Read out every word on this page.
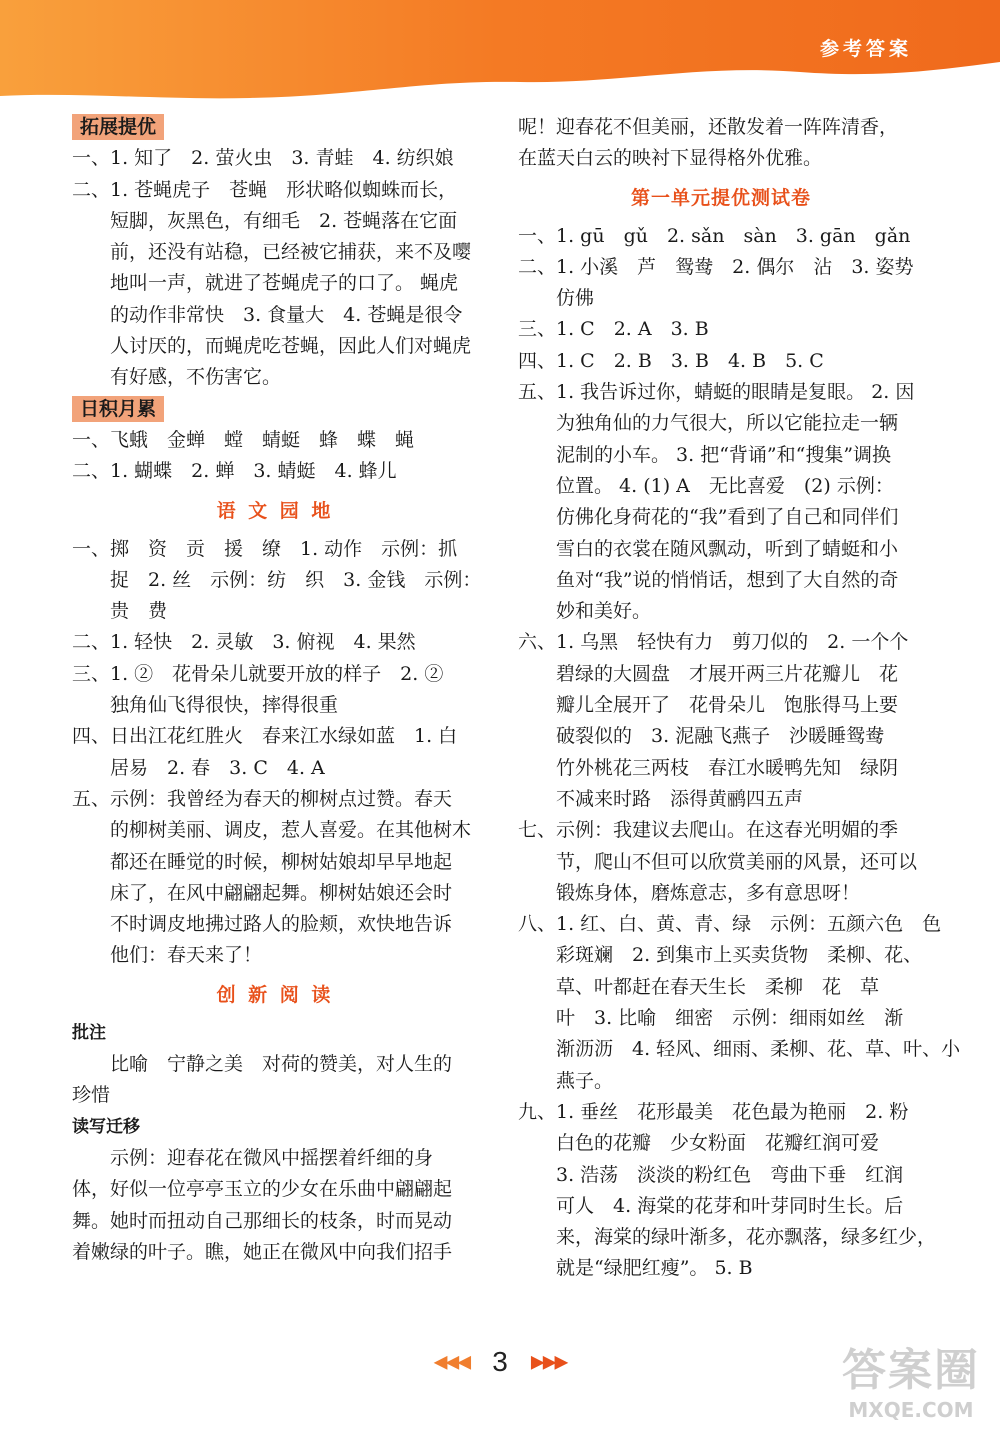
参考答案
拓展提优
一、1. 知了　2. 萤火虫　3. 青蛙　4. 纺织娘
二、1. 苍蝇虎子　苍蝇　形状略似蜘蛛而长，
短脚，灰黑色，有细毛　2. 苍蝇落在它面
前，还没有站稳，已经被它捕获，来不及嘤
地叫一声，就进了苍蝇虎子的口了。 蝇虎
的动作非常快　3. 食量大　4. 苍蝇是很令
人讨厌的，而蝇虎吃苍蝇，因此人们对蝇虎
有好感，不伤害它。
日积月累
一、飞蛾　金蝉　螳　蜻蜓　蜂　蝶　蝇
二、1. 蝴蝶　2. 蝉　3. 蜻蜓　4. 蜂儿
语 文 园 地
一、掷　资　贡　援　缭　1. 动作　示例：抓
捉　2. 丝　示例：纺　织　3. 金钱　示例：
贵　费
二、1. 轻快　2. 灵敏　3. 俯视　4. 果然
三、1. ②　花骨朵儿就要开放的样子　2. ②
独角仙飞得很快，摔得很重
四、日出江花红胜火　春来江水绿如蓝　1. 白
居易　2. 春　3. C　4. A
五、示例：我曾经为春天的柳树点过赞。春天
的柳树美丽、调皮，惹人喜爱。在其他树木
都还在睡觉的时候，柳树姑娘却早早地起
床了，在风中翩翩起舞。柳树姑娘还会时
不时调皮地拂过路人的脸颊，欢快地告诉
他们：春天来了！
创 新 阅 读
批注
比喻　宁静之美　对荷的赞美，对人生的
珍惜
读写迁移
示例：迎春花在微风中摇摆着纤细的身
体，好似一位亭亭玉立的少女在乐曲中翩翩起
舞。她时而扭动自己那细长的枝条，时而晃动
着嫩绿的叶子。瞧，她正在微风中向我们招手
呢！迎春花不但美丽，还散发着一阵阵清香，
在蓝天白云的映衬下显得格外优雅。
第一单元提优测试卷
一、1. gū　gǔ　2. sǎn　sàn　3. gān　gǎn
二、1. 小溪　芦　鸳鸯　2. 偶尔　沾　3. 姿势
仿佛
三、1. C　2. A　3. B
四、1. C　2. B　3. B　4. B　5. C
五、1. 我告诉过你，蜻蜓的眼睛是复眼。 2. 因
为独角仙的力气很大，所以它能拉走一辆
泥制的小车。 3. 把“背诵”和“搜集”调换
位置。 4. (1) A　无比喜爱　(2) 示例：
仿佛化身荷花的“我”看到了自己和同伴们
雪白的衣裳在随风飘动，听到了蜻蜓和小
鱼对“我”说的悄悄话，想到了大自然的奇
妙和美好。
六、1. 乌黑　轻快有力　剪刀似的　2. 一个个
碧绿的大圆盘　才展开两三片花瓣儿　花
瓣儿全展开了　花骨朵儿　饱胀得马上要
破裂似的　3. 泥融飞燕子　沙暖睡鸳鸯
竹外桃花三两枝　春江水暖鸭先知　绿阴
不减来时路　添得黄鹂四五声
七、示例：我建议去爬山。在这春光明媚的季
节，爬山不但可以欣赏美丽的风景，还可以
锻炼身体，磨炼意志，多有意思呀！
八、1. 红、白、黄、青、绿　示例：五颜六色　色
彩斑斓　2. 到集市上买卖货物　柔柳、花、
草、叶都赶在春天生长　柔柳　花　草
叶　3. 比喻　细密　示例：细雨如丝　渐
渐沥沥　4. 轻风、细雨、柔柳、花、草、叶、小
燕子。
九、1. 垂丝　花形最美　花色最为艳丽　2. 粉
白色的花瓣　少女粉面　花瓣红润可爱
3. 浩荡　淡淡的粉红色　弯曲下垂　红润
可人　4. 海棠的花芽和叶芽同时生长。后
来，海棠的绿叶渐多，花亦飘落，绿多红少，
就是“绿肥红瘦”。 5. B
◀◀◀ 3 ▶▶▶	答案圈
MXQE.COM
